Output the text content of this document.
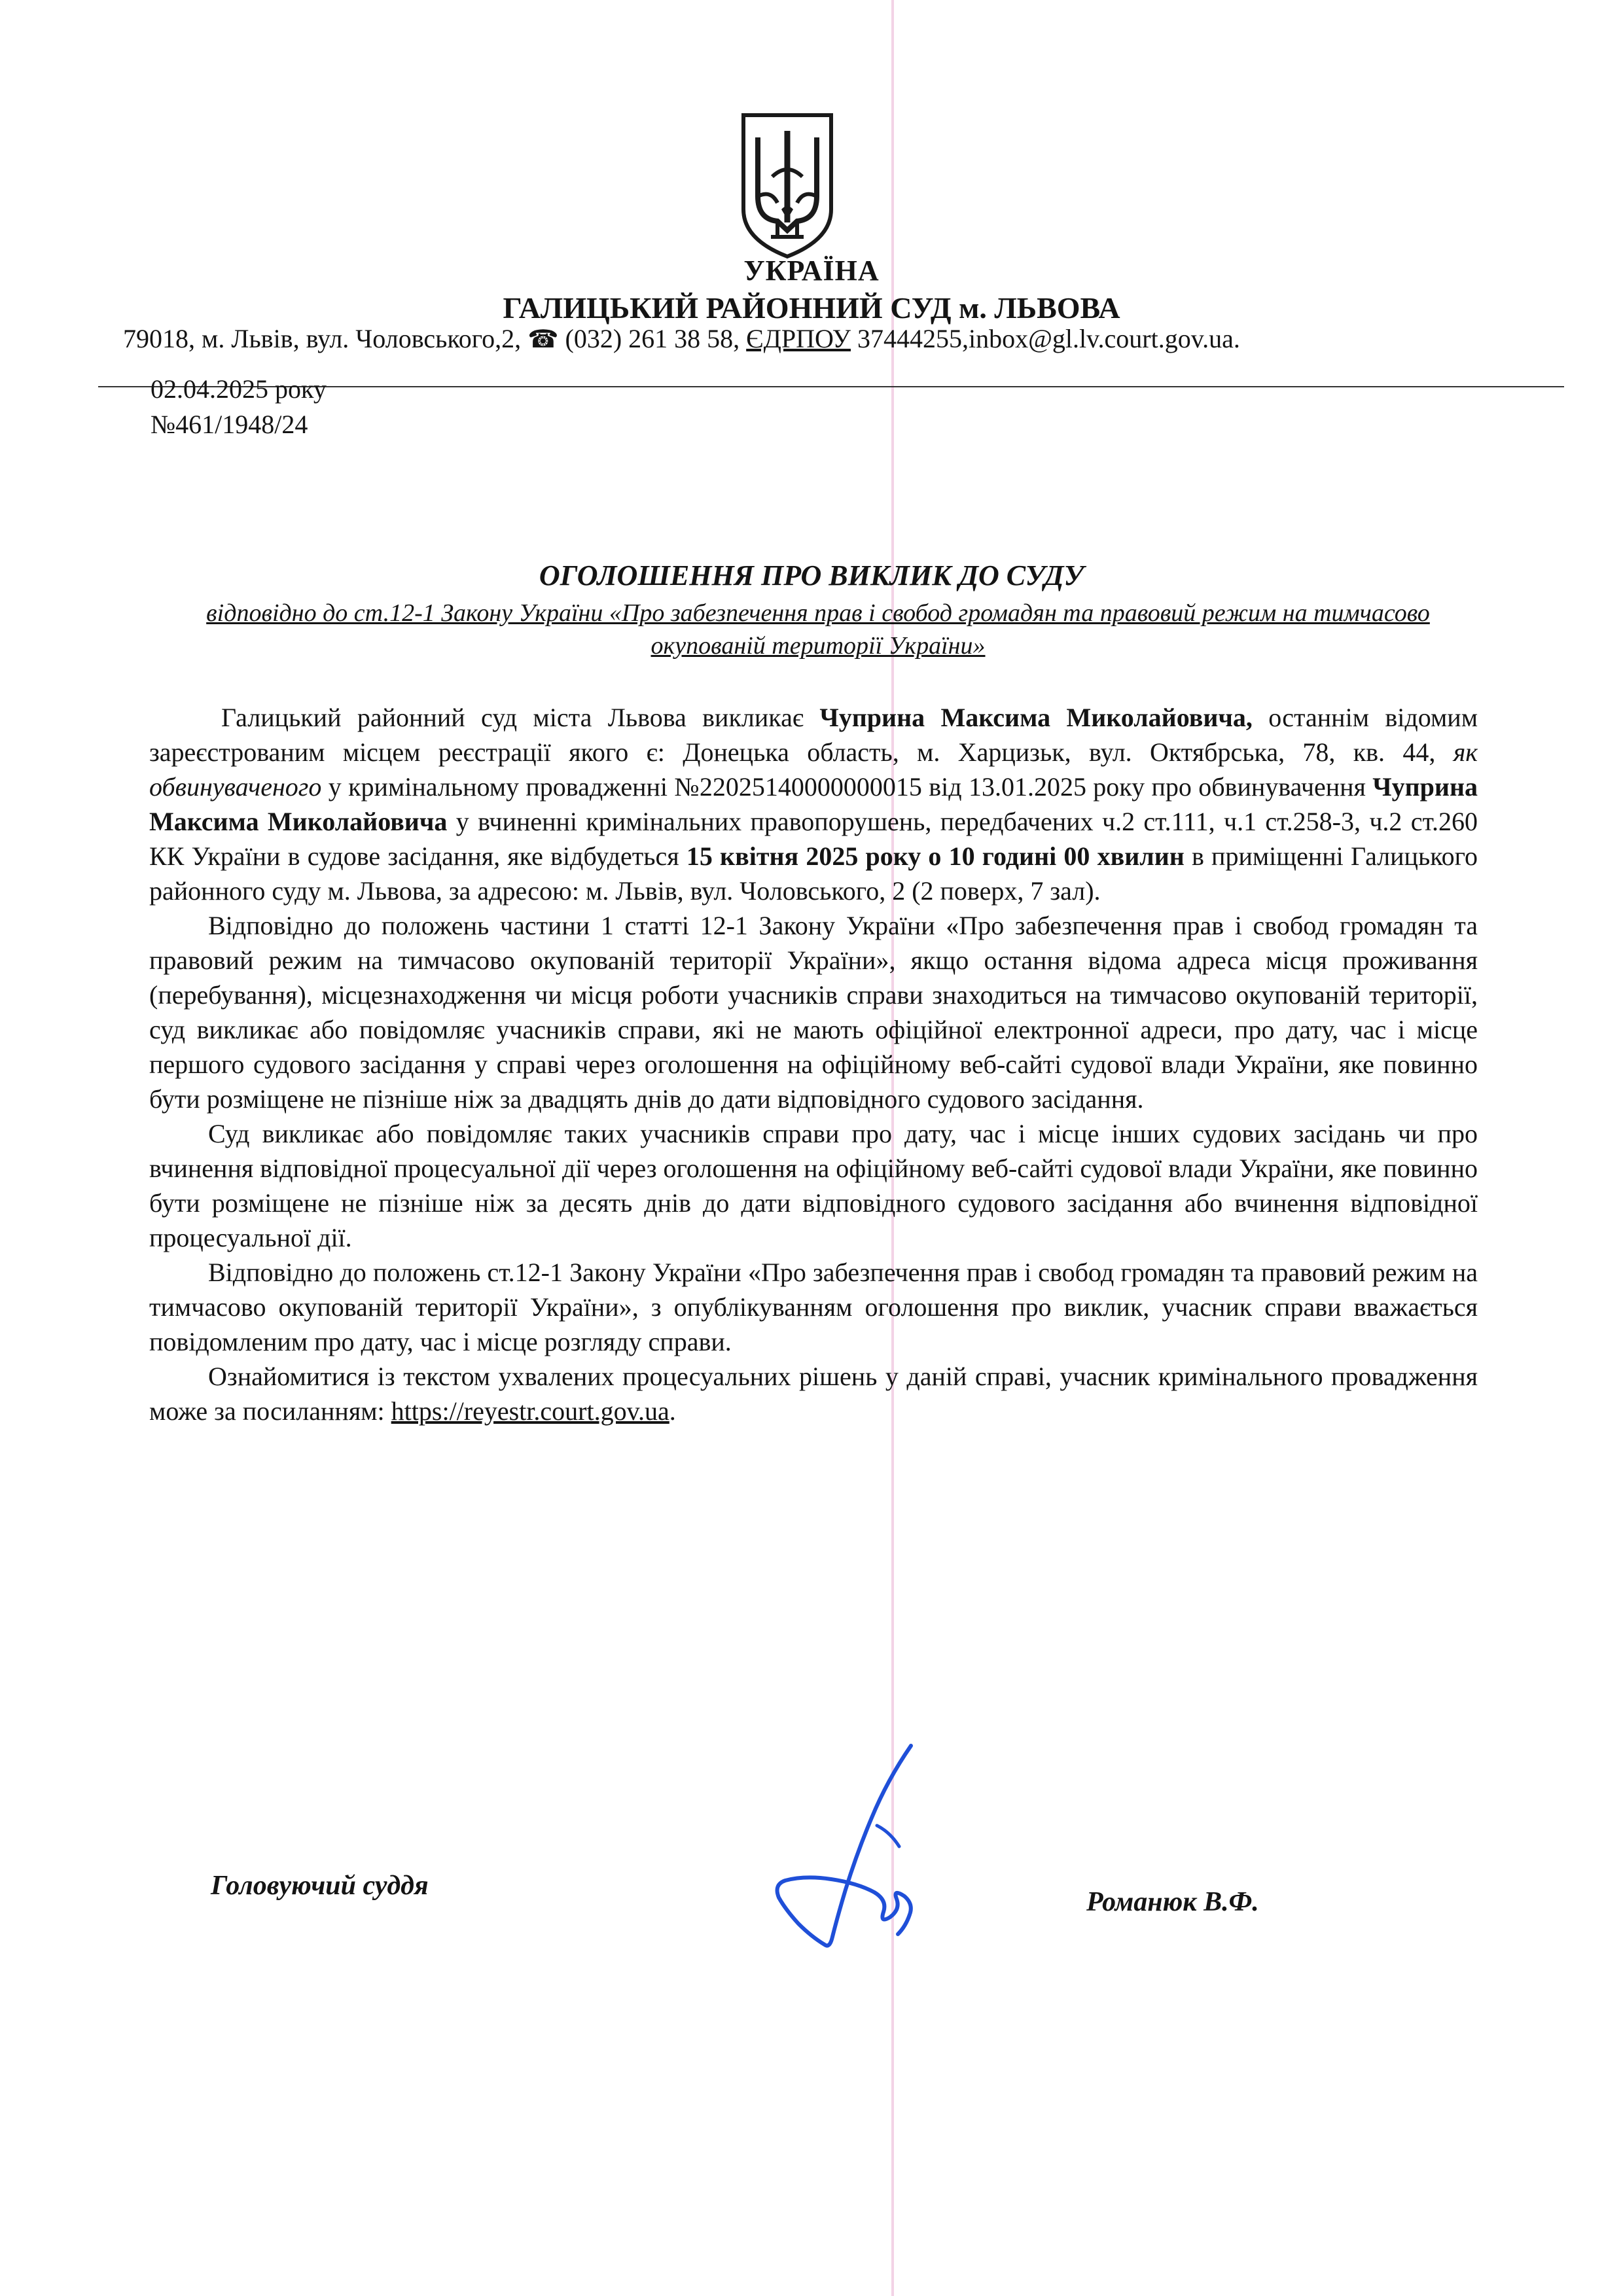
УКРАЇНА
ГАЛИЦЬКИЙ РАЙОННИЙ СУД м. ЛЬВОВА
79018, м. Львів, вул. Чоловського,2, ☎ (032) 261 38 58, ЄДРПОУ 37444255,inbox@gl.lv.court.gov.ua.
02.04.2025 року
№461/1948/24
ОГОЛОШЕННЯ ПРО ВИКЛИК ДО СУДУ
відповідно до ст.12-1 Закону України «Про забезпечення прав і свобод громадян та правовий режим на тимчасово окупованій території України»

Галицький районний суд міста Львова викликає Чуприна Максима Миколайовича, останнім відомим зареєстрованим місцем реєстрації якого є: Донецька область, м. Харцизьк, вул. Октябрська, 78, кв. 44, як обвинуваченого у кримінальному провадженні №22025140000000015 від 13.01.2025 року про обвинувачення Чуприна Максима Миколайовича у вчиненні кримінальних правопорушень, передбачених ч.2 ст.111, ч.1 ст.258-3, ч.2 ст.260 КК України в судове засідання, яке відбудеться 15 квітня 2025 року о 10 годині 00 хвилин в приміщенні Галицького районного суду м. Львова, за адресою: м. Львів, вул. Чоловського, 2 (2 поверх, 7 зал).

Відповідно до положень частини 1 статті 12-1 Закону України «Про забезпечення прав і свобод громадян та правовий режим на тимчасово окупованій території України», якщо остання відома адреса місця проживання (перебування), місцезнаходження чи місця роботи учасників справи знаходиться на тимчасово окупованій території, суд викликає або повідомляє учасників справи, які не мають офіційної електронної адреси, про дату, час і місце першого судового засідання у справі через оголошення на офіційному веб-сайті судової влади України, яке повинно бути розміщене не пізніше ніж за двадцять днів до дати відповідного судового засідання.

Суд викликає або повідомляє таких учасників справи про дату, час і місце інших судових засідань чи про вчинення відповідної процесуальної дії через оголошення на офіційному веб-сайті судової влади України, яке повинно бути розміщене не пізніше ніж за десять днів до дати відповідного судового засідання або вчинення відповідної процесуальної дії.

Відповідно до положень ст.12-1 Закону України «Про забезпечення прав і свобод громадян та правовий режим на тимчасово окупованій території України», з опублікуванням оголошення про виклик, учасник справи вважається повідомленим про дату, час і місце розгляду справи.

Ознайомитися із текстом ухвалених процесуальних рішень у даній справі, учасник кримінального провадження може за посиланням: https://reyestr.court.gov.ua.

Головуючий суддя
Романюк В.Ф.
